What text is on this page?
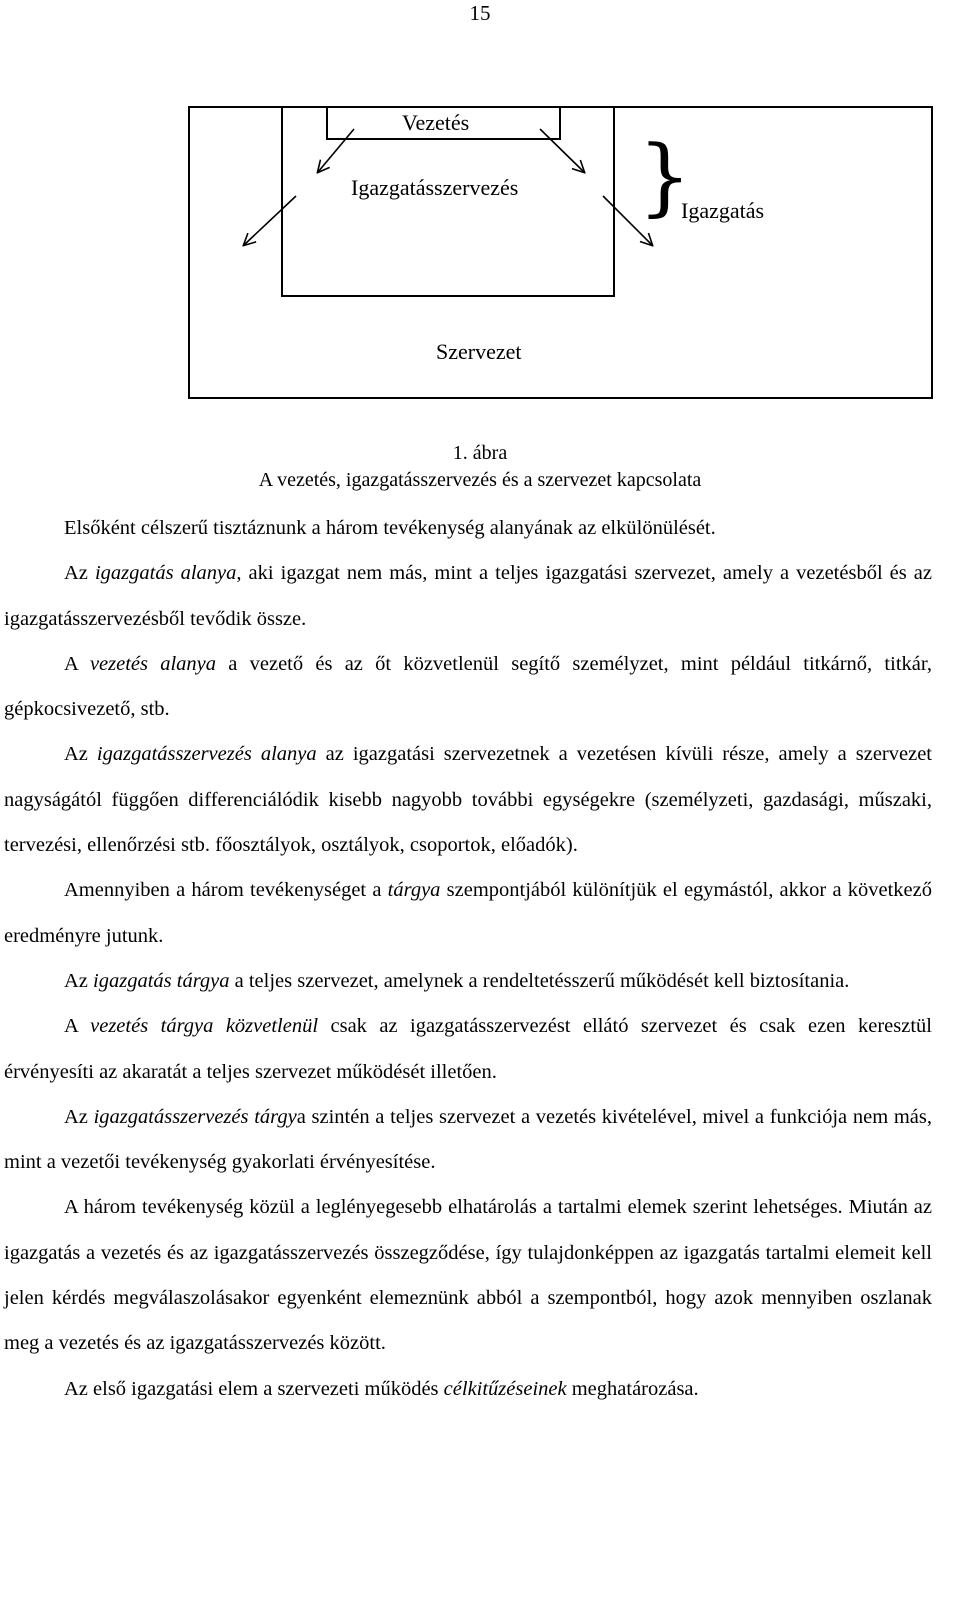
15
Vezetés
Igazgatásszervezés }
Igazgatás
Szervezet
1. ábra
A vezetés, igazgatásszervezés és a szervezet kapcsolata

Elsőként célszerű tisztáznunk a három tevékenység alanyának az elkülönülését.

Az igazgatás alanya, aki igazgat nem más, mint a teljes igazgatási szervezet, amely a vezetésből és az igazgatásszervezésből tevődik össze.

A vezetés alanya a vezető és az őt közvetlenül segítő személyzet, mint például titkárnő, titkár, gépkocsivezető, stb.

Az igazgatásszervezés alanya az igazgatási szervezetnek a vezetésen kívüli része, amely a szervezet nagyságától függően differenciálódik kisebb nagyobb további egységekre (személyzeti, gazdasági, műszaki, tervezési, ellenőrzési stb. főosztályok, osztályok, csoportok, előadók).

Amennyiben a három tevékenységet a tárgya szempontjából különítjük el egymástól, akkor a következő eredményre jutunk.

Az igazgatás tárgya a teljes szervezet, amelynek a rendeltetésszerű működését kell biztosítania.

A vezetés tárgya közvetlenül csak az igazgatásszervezést ellátó szervezet és csak ezen keresztül érvényesíti az akaratát a teljes szervezet működését illetően.

Az igazgatásszervezés tárgya szintén a teljes szervezet a vezetés kivételével, mivel a funkciója nem más, mint a vezetői tevékenység gyakorlati érvényesítése.

A három tevékenység közül a leglényegesebb elhatárolás a tartalmi elemek szerint lehetséges. Miután az igazgatás a vezetés és az igazgatásszervezés összegződése, így tulajdonképpen az igazgatás tartalmi elemeit kell jelen kérdés megválaszolásakor egyenként elemeznünk abból a szempontból, hogy azok mennyiben oszlanak meg a vezetés és az igazgatásszervezés között.

Az első igazgatási elem a szervezeti működés célkitűzéseinek meghatározása.
